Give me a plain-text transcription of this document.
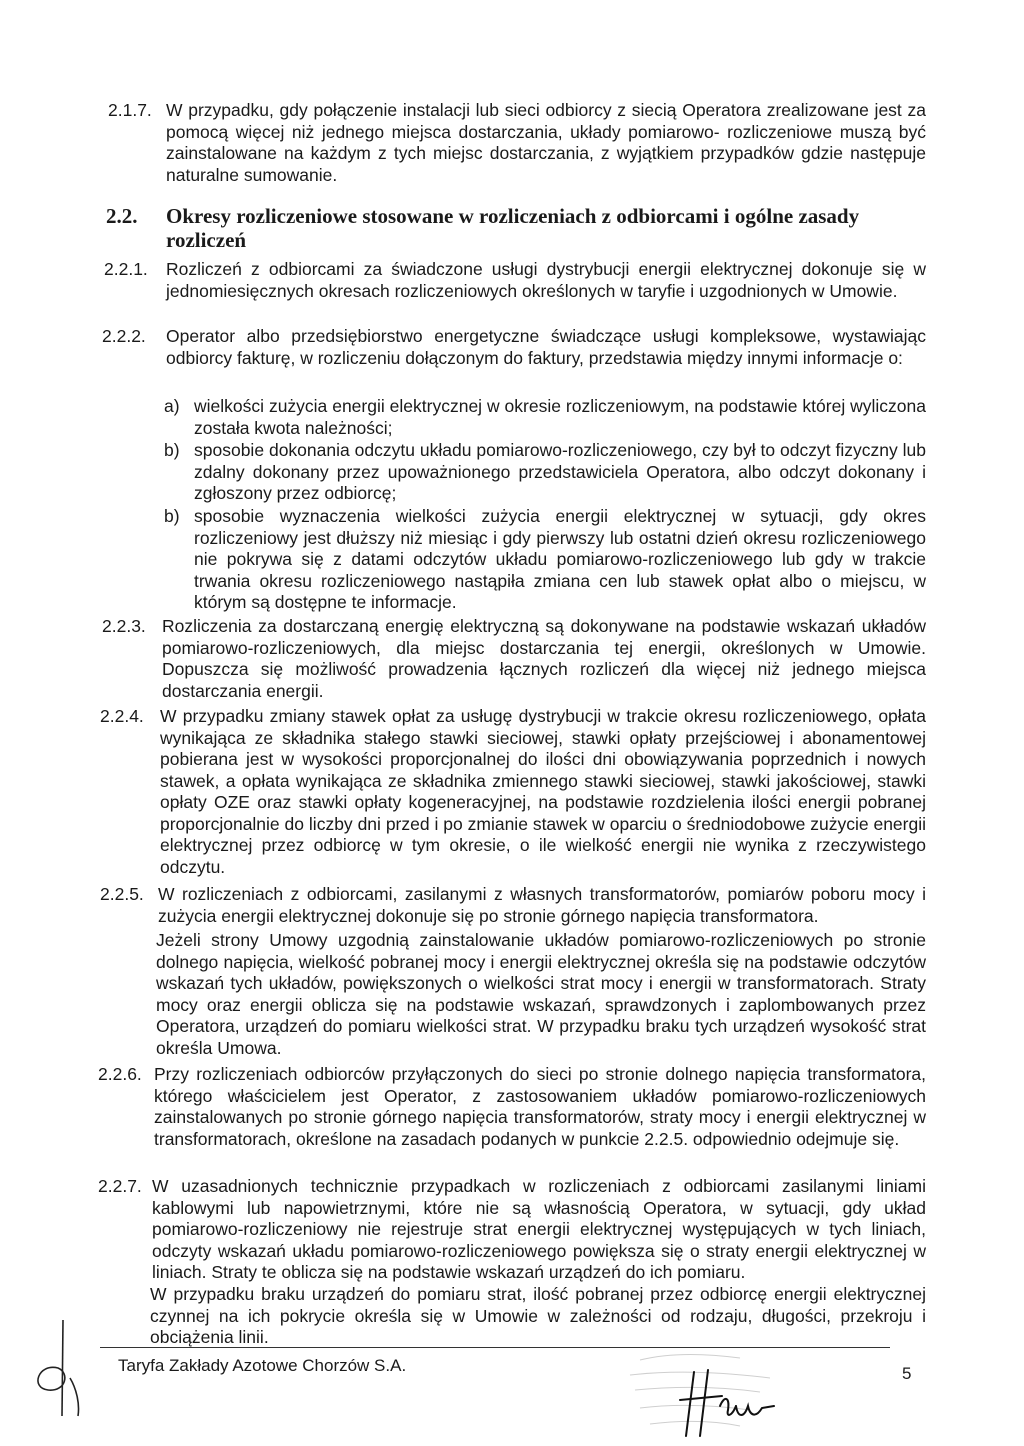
2.1.7. W przypadku, gdy połączenie instalacji lub sieci odbiorcy z siecią Operatora zrealizowane jest za pomocą więcej niż jednego miejsca dostarczania, układy pomiarowo- rozliczeniowe muszą być zainstalowane na każdym z tych miejsc dostarczania, z wyjątkiem przypadków gdzie następuje naturalne sumowanie.
2.2. Okresy rozliczeniowe stosowane w rozliczeniach z odbiorcami i ogólne zasady rozliczeń
2.2.1. Rozliczeń z odbiorcami za świadczone usługi dystrybucji energii elektrycznej dokonuje się w jednomiesięcznych okresach rozliczeniowych określonych w taryfie i uzgodnionych w Umowie.
2.2.2. Operator albo przedsiębiorstwo energetyczne świadczące usługi kompleksowe, wystawiając odbiorcy fakturę, w rozliczeniu dołączonym do faktury, przedstawia między innymi informacje o:
a) wielkości zużycia energii elektrycznej w okresie rozliczeniowym, na podstawie której wyliczona została kwota należności;
b) sposobie dokonania odczytu układu pomiarowo-rozliczeniowego, czy był to odczyt fizyczny lub zdalny dokonany przez upoważnionego przedstawiciela Operatora, albo odczyt dokonany i zgłoszony przez odbiorcę;
b) sposobie wyznaczenia wielkości zużycia energii elektrycznej w sytuacji, gdy okres rozliczeniowy jest dłuższy niż miesiąc i gdy pierwszy lub ostatni dzień okresu rozliczeniowego nie pokrywa się z datami odczytów układu pomiarowo-rozliczeniowego lub gdy w trakcie trwania okresu rozliczeniowego nastąpiła zmiana cen lub stawek opłat albo o miejscu, w którym są dostępne te informacje.
2.2.3. Rozliczenia za dostarczaną energię elektryczną są dokonywane na podstawie wskazań układów pomiarowo-rozliczeniowych, dla miejsc dostarczania tej energii, określonych w Umowie. Dopuszcza się możliwość prowadzenia łącznych rozliczeń dla więcej niż jednego miejsca dostarczania energii.
2.2.4. W przypadku zmiany stawek opłat za usługę dystrybucji w trakcie okresu rozliczeniowego, opłata wynikająca ze składnika stałego stawki sieciowej, stawki opłaty przejściowej i abonamentowej pobierana jest w wysokości proporcjonalnej do ilości dni obowiązywania poprzednich i nowych stawek, a opłata wynikająca ze składnika zmiennego stawki sieciowej, stawki jakościowej, stawki opłaty OZE oraz stawki opłaty kogeneracyjnej, na podstawie rozdzielenia ilości energii pobranej proporcjonalnie do liczby dni przed i po zmianie stawek w oparciu o średniodobowe zużycie energii elektrycznej przez odbiorcę w tym okresie, o ile wielkość energii nie wynika z rzeczywistego odczytu.
2.2.5. W rozliczeniach z odbiorcami, zasilanymi z własnych transformatorów, pomiarów poboru mocy i zużycia energii elektrycznej dokonuje się po stronie górnego napięcia transformatora.
Jeżeli strony Umowy uzgodnią zainstalowanie układów pomiarowo-rozliczeniowych po stronie dolnego napięcia, wielkość pobranej mocy i energii elektrycznej określa się na podstawie odczytów wskazań tych układów, powiększonych o wielkości strat mocy i energii w transformatorach. Straty mocy oraz energii oblicza się na podstawie wskazań, sprawdzonych i zaplombowanych przez Operatora, urządzeń do pomiaru wielkości strat. W przypadku braku tych urządzeń wysokość strat określa Umowa.
2.2.6. Przy rozliczeniach odbiorców przyłączonych do sieci po stronie dolnego napięcia transformatora, którego właścicielem jest Operator, z zastosowaniem układów pomiarowo-rozliczeniowych zainstalowanych po stronie górnego napięcia transformatorów, straty mocy i energii elektrycznej w transformatorach, określone na zasadach podanych w punkcie 2.2.5. odpowiednio odejmuje się.
2.2.7. W uzasadnionych technicznie przypadkach w rozliczeniach z odbiorcami zasilanymi liniami kablowymi lub napowietrznymi, które nie są własnością Operatora, w sytuacji, gdy układ pomiarowo-rozliczeniowy nie rejestruje strat energii elektrycznej występujących w tych liniach, odczyty wskazań układu pomiarowo-rozliczeniowego powiększa się o straty energii elektrycznej w liniach. Straty te oblicza się na podstawie wskazań urządzeń do ich pomiaru.
W przypadku braku urządzeń do pomiaru strat, ilość pobranej przez odbiorcę energii elektrycznej czynnej na ich pokrycie określa się w Umowie w zależności od rodzaju, długości, przekroju i obciążenia linii.
Taryfa Zakłady Azotowe Chorzów S.A.	5
